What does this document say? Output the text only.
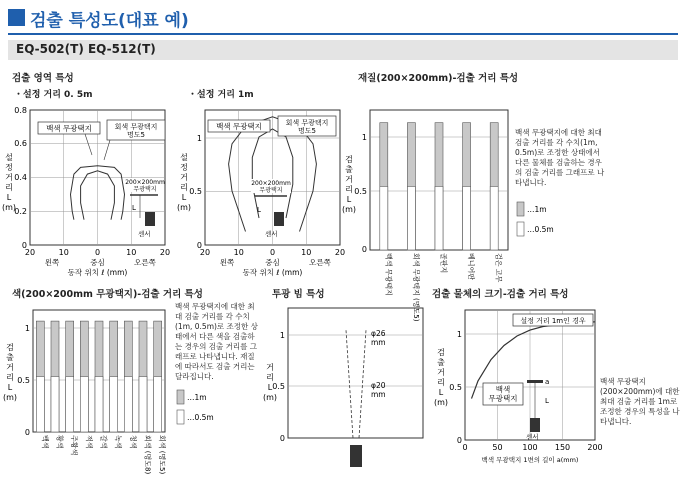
검출 특성도(대표 예)
EQ-502(T) EQ-512(T)
검출 영역 특성
・설정 거리 0. 5m	・설정 거리 1m
재질(200×200mm)-검출 거리 특성
색(200×200mm 무광택지)-검출 거리 특성	투광 빔 특성	검출 물체의 크기-검출 거리 특성
백색 무광택지에 대한 최대 검출 거리를 각 수치(1m, 0.5m)로 조정한 상태에서 다른 물체를 검출하는 경우의 검출 거리를 그래프로 나타냅니다.
백색 무광택지에 대한 최대 검출 거리를 각 수치(1m, 0.5m)로 조정한 상태에서 다른 색을 검출하는 경우의 검출 거리를 그래프로 나타냅니다. 재질에 따라서도 검출 거리는 달라집니다.
백색 무광택지 (200×200mm)에 대한 최대 검출 거리를 1m로 조정한 경우의 특성을 나타냅니다.
0.8
0.6
0.4
0.2
0
20	10	0	10	20
설
정
거
리
L
(m)
백색 무광택지	회색 무광택지
명도5
200×200mm
무광택지
L
센서
왼쪽	중심	오른쪽
동작 위치 ℓ (mm)
1
0.5
0
20	10	0	10	20
설
정
거
리
L
(m)
백색 무광택지	회색 무광택지
명도5
200×200mm
무광택지
L
센서
왼쪽	중심	오른쪽
동작 위치 ℓ (mm)
1
0.5
0
검
출
거
리
L
(m)
백색 무광택지	회색 무광택지 (명도5)	골판지	베니어판	검은 고무
…1m
…0.5m
1
0.5
0
검
출
거
리
L
(m)
백색 황색 주황색 적색 갈색 녹색 청색 회색 (명도8) 회색 (명도5)
…1m
…0.5m
1
0.5
0
거
리
L
(m)
φ26
mm
φ20
mm
1
0.5
0
0	50 100 150 200
검
출
거
리
L
(m)
설정 거리 1m인 경우
백색
무광택지
a
L
센서
백색 무광택지 1변의 길이 a(mm)
